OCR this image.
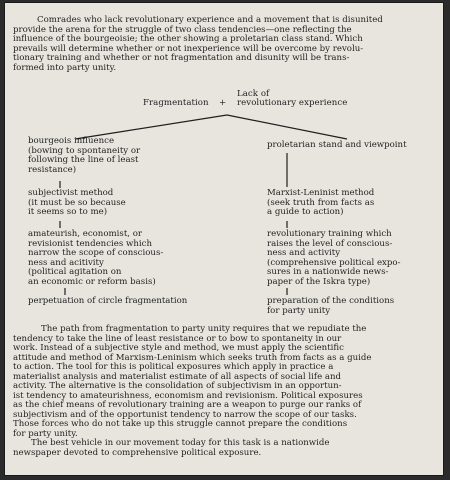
Comrades who lack revolutionary experience and a movement that is disunited
provide the arena for the struggle of two class tendencies—one reflecting the
influence of the bourgeoisie; the other showing a proletarian class stand. Which
prevails will determine whether or not inexperience will be overcome by revolu-
tionary training and whether or not fragmentation and disunity will be trans-
formed into party unity.
Lack of
Fragmentation + revolutionary experience
bourgeois influence
(bowing to spontaneity or
following the line of least
resistance)
subjectivist method
(it must be so because
it seems so to me)
amateurish, economist, or
revisionist tendencies which
narrow the scope of conscious-
ness and acitivity
(political agitation on
an economic or reform basis)
perpetuation of circle fragmentation
proletarian stand and viewpoint
Marxist-Leninist method
(seek truth from facts as
a guide to action)
revolutionary training which
raises the level of conscious-
ness and activity
(comprehensive political expo-
sures in a nationwide news-
paper of the Iskra type)
preparation of the conditions
for party unity
The path from fragmentation to party unity requires that we repudiate the
tendency to take the line of least resistance or to bow to spontaneity in our
work. Instead of a subjective style and method, we must apply the scientific
attitude and method of Marxism-Leninism which seeks truth from facts as a guide
to action. The tool for this is political exposures which apply in practice a
materialist analysis and materialist estimate of all aspects of social life and
activity. The alternative is the consolidation of subjectivism in an opportun-
ist tendency to amateurishness, economism and revisionism. Political exposures
as the chief means of revolutionary training are a weapon to purge our ranks of
subjectivism and of the opportunist tendency to narrow the scope of our tasks.
Those forces who do not take up this struggle cannot prepare the conditions
for party unity.
The best vehicle in our movement today for this task is a nationwide
newspaper devoted to comprehensive political exposure.
